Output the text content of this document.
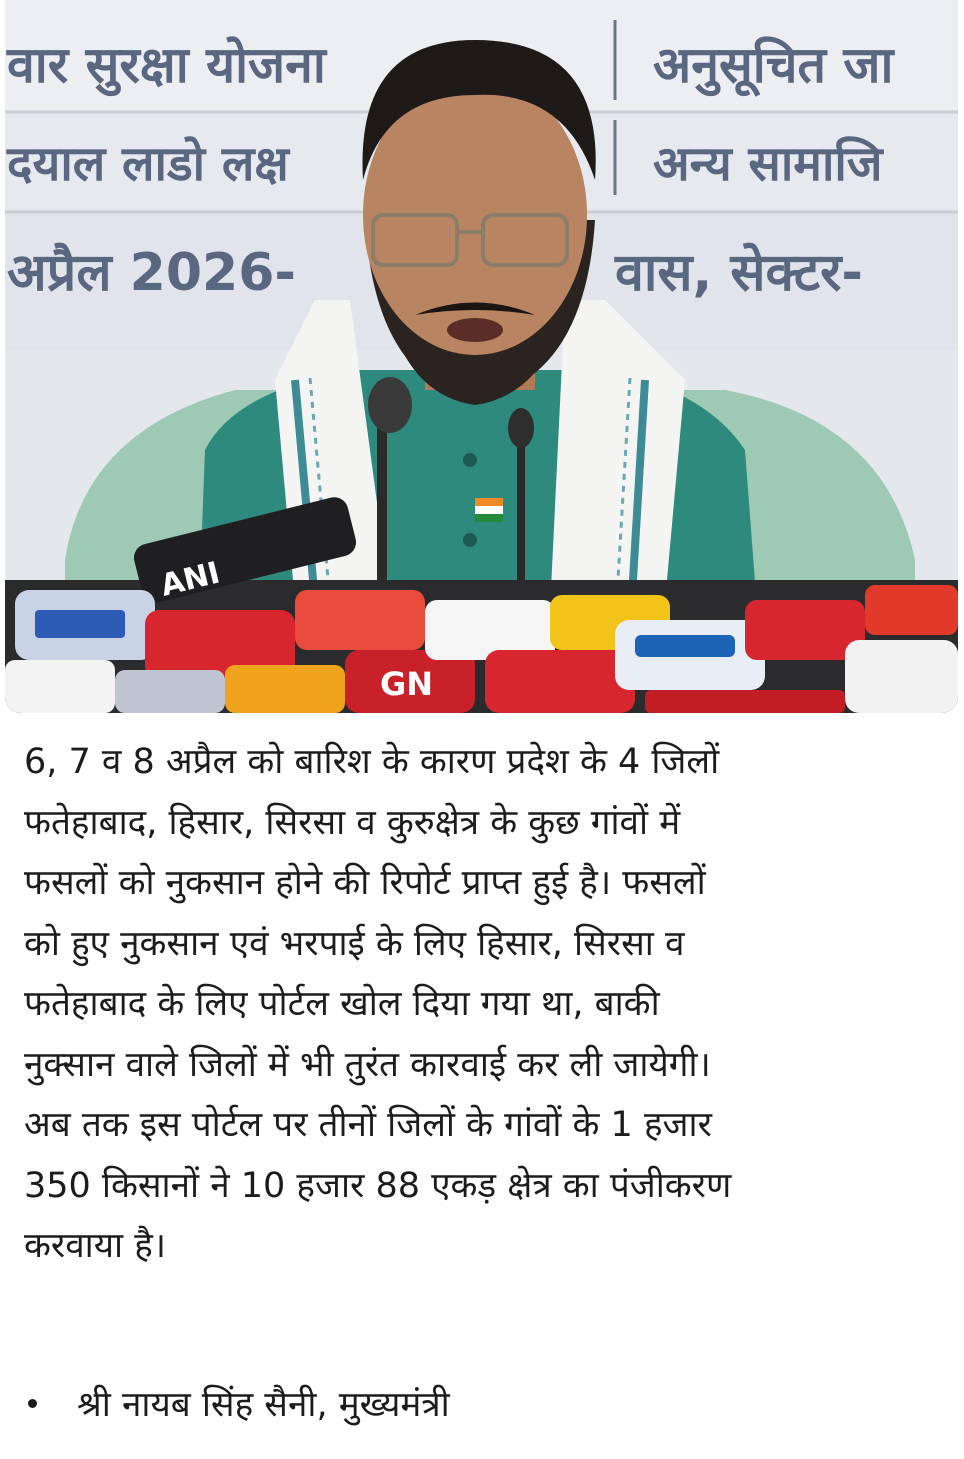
वार सुरक्षा योजना	अनुसूचित जा
दयाल लाडो लक्ष	अन्य सामाजि
अप्रैल 2026-	वास, सेक्टर-
ANI
GN

6, 7 व 8 अप्रैल को बारिश के कारण प्रदेश के 4 जिलों
फतेहाबाद, हिसार, सिरसा व कुरुक्षेत्र के कुछ गांवों में
फसलों को नुकसान होने की रिपोर्ट प्राप्त हुई है। फसलों
को हुए नुकसान एवं भरपाई के लिए हिसार, सिरसा व
फतेहाबाद के लिए पोर्टल खोल दिया गया था, बाकी
नुक्सान वाले जिलों में भी तुरंत कारवाई कर ली जायेगी।
अब तक इस पोर्टल पर तीनों जिलों के गांवों के 1 हजार
350 किसानों ने 10 हजार 88 एकड़ क्षेत्र का पंजीकरण
करवाया है।

श्री नायब सिंह सैनी, मुख्यमंत्री
